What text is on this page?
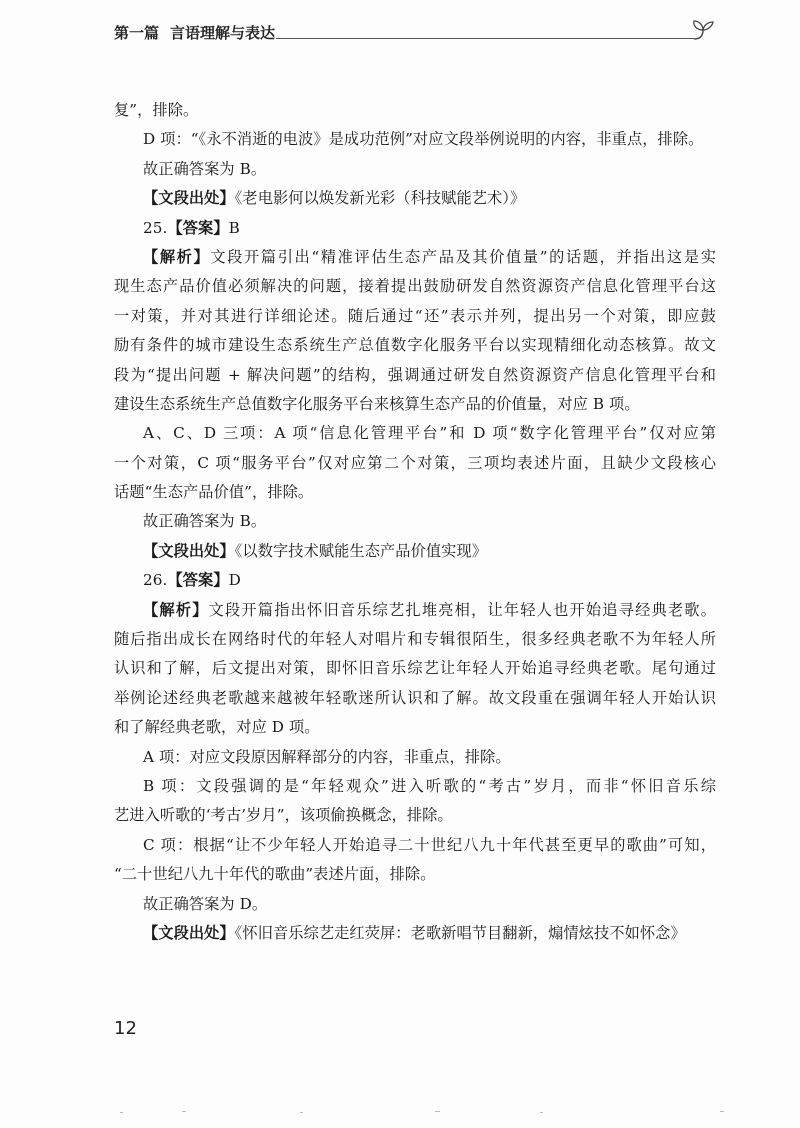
第一篇 言语理解与表达
复”，排除。
D 项：“《永不消逝的电波》是成功范例”对应文段举例说明的内容，非重点，排除。
故正确答案为 B。
【文段出处】《老电影何以焕发新光彩（科技赋能艺术）》
25.【答案】B
【解析】文段开篇引出“精准评估生态产品及其价值量”的话题，并指出这是实
现生态产品价值必须解决的问题，接着提出鼓励研发自然资源资产信息化管理平台这
一对策，并对其进行详细论述。随后通过“还”表示并列，提出另一个对策，即应鼓
励有条件的城市建设生态系统生产总值数字化服务平台以实现精细化动态核算。故文
段为“提出问题 + 解决问题”的结构，强调通过研发自然资源资产信息化管理平台和
建设生态系统生产总值数字化服务平台来核算生态产品的价值量，对应 B 项。
A、C、D 三项：A 项“信息化管理平台”和 D 项“数字化管理平台”仅对应第
一个对策，C 项“服务平台”仅对应第二个对策，三项均表述片面，且缺少文段核心
话题“生态产品价值”，排除。
故正确答案为 B。
【文段出处】《以数字技术赋能生态产品价值实现》
26.【答案】D
【解析】文段开篇指出怀旧音乐综艺扎堆亮相，让年轻人也开始追寻经典老歌。
随后指出成长在网络时代的年轻人对唱片和专辑很陌生，很多经典老歌不为年轻人所
认识和了解，后文提出对策，即怀旧音乐综艺让年轻人开始追寻经典老歌。尾句通过
举例论述经典老歌越来越被年轻歌迷所认识和了解。故文段重在强调年轻人开始认识
和了解经典老歌，对应 D 项。
A 项：对应文段原因解释部分的内容，非重点，排除。
B 项：文段强调的是“年轻观众”进入听歌的“考古”岁月，而非“怀旧音乐综
艺进入听歌的‘考古’岁月”，该项偷换概念，排除。
C 项：根据“让不少年轻人开始追寻二十世纪八九十年代甚至更早的歌曲”可知，
“二十世纪八九十年代的歌曲”表述片面，排除。
故正确答案为 D。
【文段出处】《怀旧音乐综艺走红荧屏：老歌新唱节目翻新，煽情炫技不如怀念》
12
